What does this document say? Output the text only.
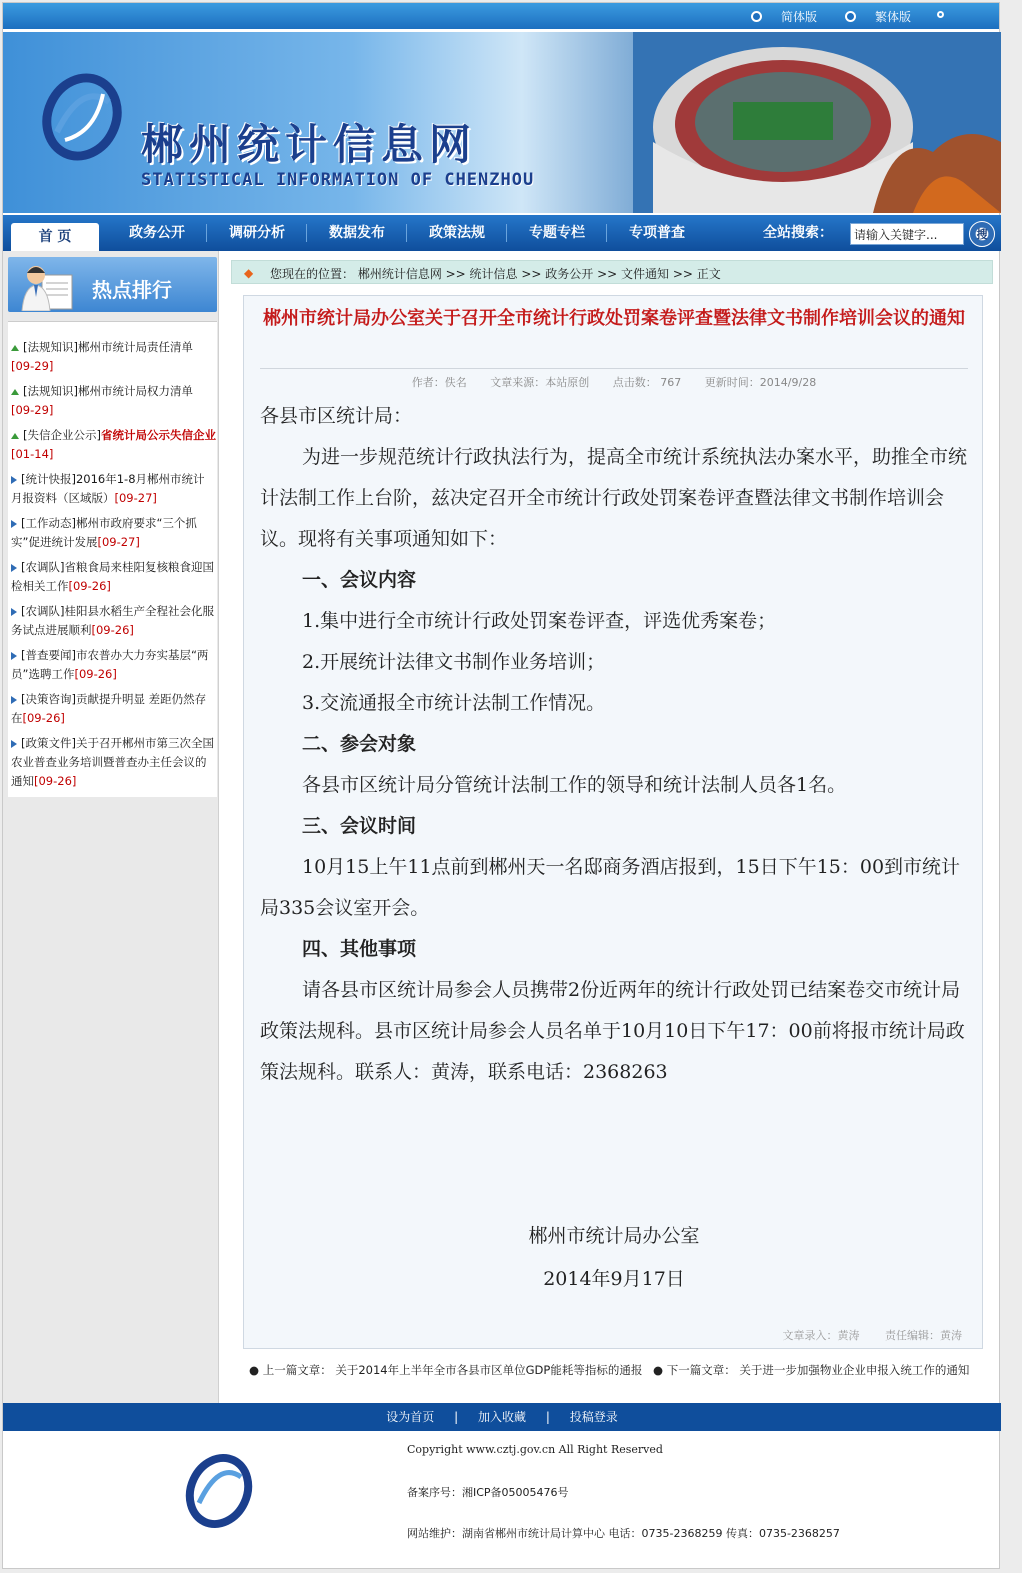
简体版	繁体版
郴州统计信息网
STATISTICAL INFORMATION OF CHENZHOU
首 页	政务公开	调研分析	数据发布	政策法规	专题专栏	专项普查	全站搜索：
请输入关键字...	搜
热点排行
[法规知识]郴州市统计局责任清单
[09-29]
[法规知识]郴州市统计局权力清单
[09-29]
[失信企业公示]省统计局公示失信企业[01-14]
[统计快报]2016年1-8月郴州市统计月报资料（区域版）[09-27]
[工作动态]郴州市政府要求“三个抓实”促进统计发展[09-27]
[农调队]省粮食局来桂阳复核粮食迎国检相关工作[09-26]
[农调队]桂阳县水稻生产全程社会化服务试点进展顺利[09-26]
[普查要闻]市农普办大力夯实基层“两员”选聘工作[09-26]
[决策咨询]贡献提升明显 差距仍然存在[09-26]
[政策文件]关于召开郴州市第三次全国农业普查业务培训暨普查办主任会议的通知[09-26]
◆ 您现在的位置： 郴州统计信息网 >> 统计信息 >> 政务公开 >> 文件通知 >> 正文
郴州市统计局办公室关于召开全市统计行政处罚案卷评查暨法律文书制作培训会议的通知
作者：佚名 文章来源：本站原创 点击数： 767 更新时间：2014/9/28

各县市区统计局：

为进一步规范统计行政执法行为，提高全市统计系统执法办案水平，助推全市统计法制工作上台阶，兹决定召开全市统计行政处罚案卷评查暨法律文书制作培训会议。现将有关事项通知如下：

一、会议内容

1.集中进行全市统计行政处罚案卷评查，评选优秀案卷；

2.开展统计法律文书制作业务培训；

3.交流通报全市统计法制工作情况。

二、参会对象

各县市区统计局分管统计法制工作的领导和统计法制人员各1名。

三、会议时间

10月15上午11点前到郴州天一名邸商务酒店报到，15日下午15：00到市统计局335会议室开会。

四、其他事项

请各县市区统计局参会人员携带2份近两年的统计行政处罚已结案卷交市统计局政策法规科。县市区统计局参会人员名单于10月10日下午17：00前将报市统计局政策法规科。联系人：黄涛，联系电话：2368263

郴州市统计局办公室
2014年9月17日
文章录入：黄涛 责任编辑：黄涛
● 上一篇文章： 关于2014年上半年全市各县市区单位GDP能耗等指标的通报 ● 下一篇文章： 关于进一步加强物业企业申报入统工作的通知
设为首页 | 加入收藏 | 投稿登录
Copyright www.cztj.gov.cn All Right Reserved
备案序号：湘ICP备05005476号
网站维护：湖南省郴州市统计局计算中心 电话：0735-2368259 传真：0735-2368257
